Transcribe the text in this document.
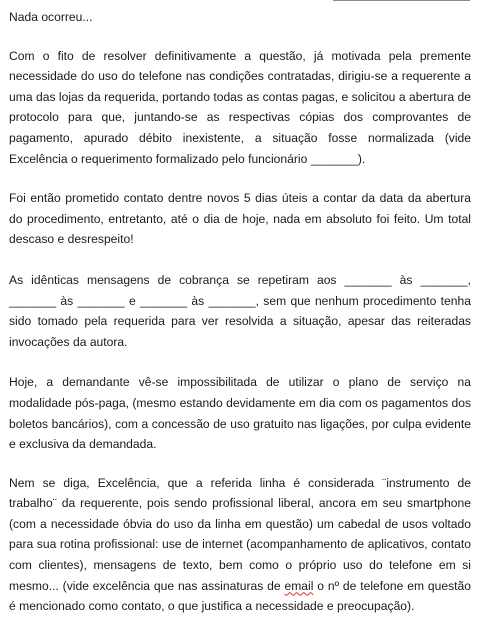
Nada ocorreu...

Com o fito de resolver definitivamente a questão, já motivada pela premente necessidade do uso do telefone nas condições contratadas, dirigiu-se a requerente a uma das lojas da requerida, portando todas as contas pagas, e solicitou a abertura de protocolo para que, juntando-se as respectivas cópias dos comprovantes de pagamento, apurado débito inexistente, a situação fosse normalizada (vide Excelência o requerimento formalizado pelo funcionário _______).

Foi então prometido contato dentre novos 5 dias úteis a contar da data da abertura do procedimento, entretanto, até o dia de hoje, nada em absoluto foi feito. Um total descaso e desrespeito!

As idênticas mensagens de cobrança se repetiram aos _______ às _______, _______ às _______ e _______ às _______, sem que nenhum procedimento tenha sido tomado pela requerida para ver resolvida a situação, apesar das reiteradas invocações da autora.

Hoje, a demandante vê-se impossibilitada de utilizar o plano de serviço na modalidade pós-paga, (mesmo estando devidamente em dia com os pagamentos dos boletos bancários), com a concessão de uso gratuito nas ligações, por culpa evidente e exclusiva da demandada.

Nem se diga, Excelência, que a referida linha é considerada ¨instrumento de trabalho¨ da requerente, pois sendo profissional liberal, ancora em seu smartphone (com a necessidade óbvia do uso da linha em questão) um cabedal de usos voltado para sua rotina profissional: use de internet (acompanhamento de aplicativos, contato com clientes), mensagens de texto, bem como o próprio uso do telefone em si mesmo... (vide excelência que nas assinaturas de email o nº de telefone em questão é mencionado como contato, o que justifica a necessidade e preocupação).
